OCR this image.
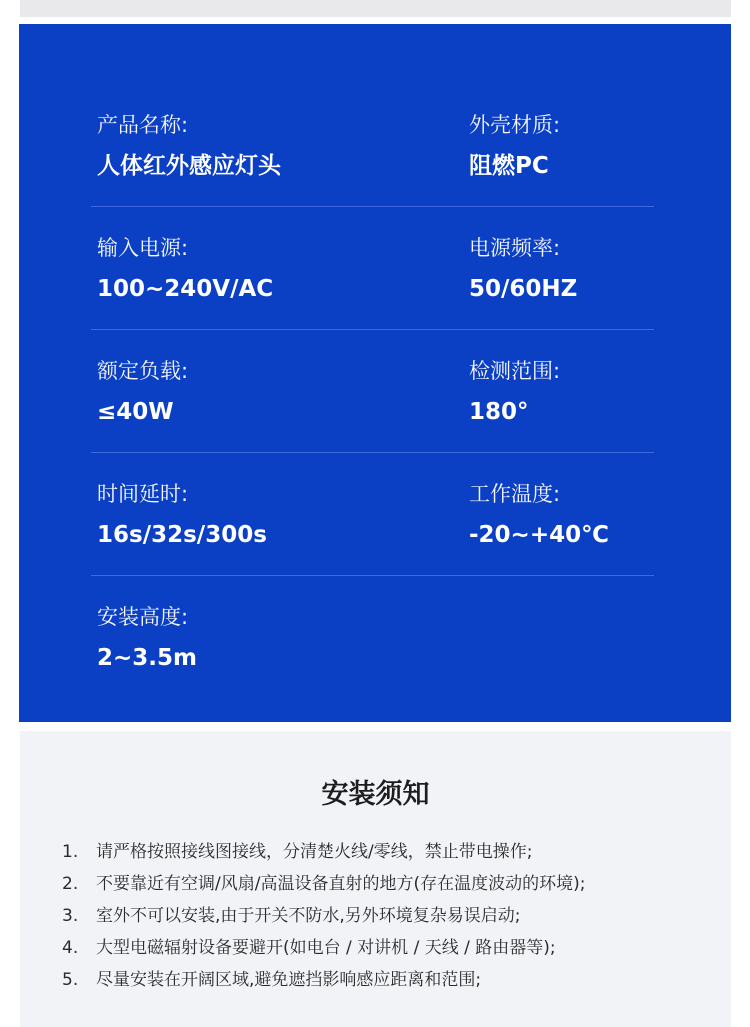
产品名称:
人体红外感应灯头
外壳材质:
阻燃PC
输入电源:
100~240V/AC
电源频率:
50/60HZ
额定负载:
≤40W
检测范围:
180°
时间延时:
16s/32s/300s
工作温度:
-20~+40℃
安装高度:
2~3.5m
安装须知
1. 请严格按照接线图接线，分清楚火线/零线，禁止带电操作;
2. 不要靠近有空调/风扇/高温设备直射的地方(存在温度波动的环境);
3. 室外不可以安装,由于开关不防水,另外环境复杂易误启动;
4. 大型电磁辐射设备要避开(如电台 / 对讲机 / 天线 / 路由器等);
5. 尽量安装在开阔区域,避免遮挡影响感应距离和范围;
